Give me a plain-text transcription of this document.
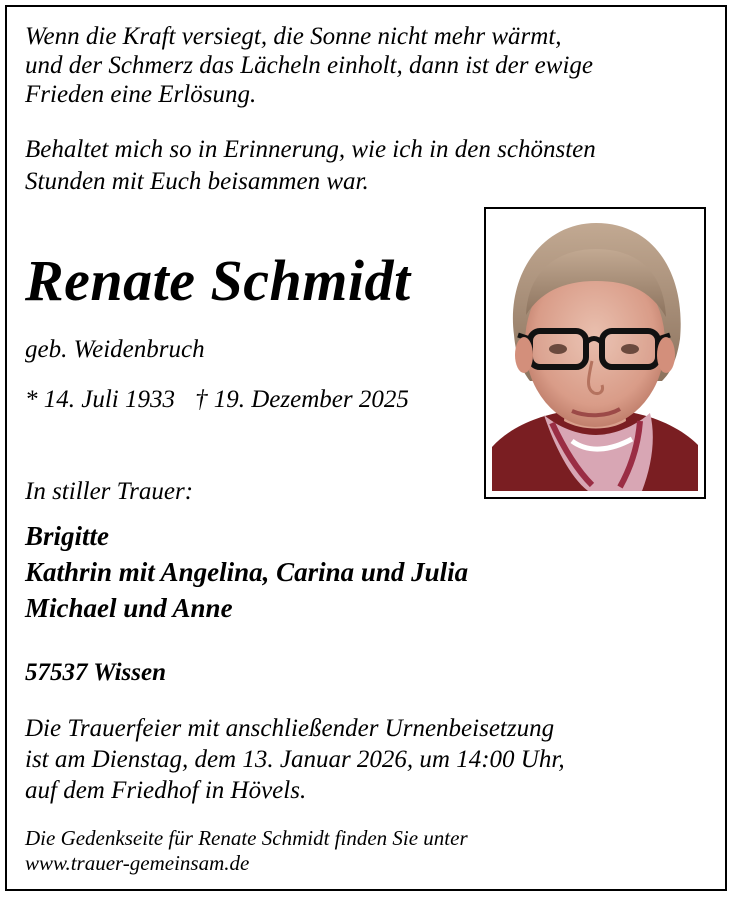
Wenn die Kraft versiegt, die Sonne nicht mehr wärmt,
und der Schmerz das Lächeln einholt, dann ist der ewige
Frieden eine Erlösung.
Behaltet mich so in Erinnerung, wie ich in den schönsten
Stunden mit Euch beisammen war.
Renate Schmidt
geb. Weidenbruch
* 14. Juli 1933 † 19. Dezember 2025
In stiller Trauer:
Brigitte
Kathrin mit Angelina, Carina und Julia
Michael und Anne
57537 Wissen
Die Trauerfeier mit anschließender Urnenbeisetzung
ist am Dienstag, dem 13. Januar 2026, um 14:00 Uhr,
auf dem Friedhof in Hövels.
Die Gedenkseite für Renate Schmidt finden Sie unter
www.trauer-gemeinsam.de
